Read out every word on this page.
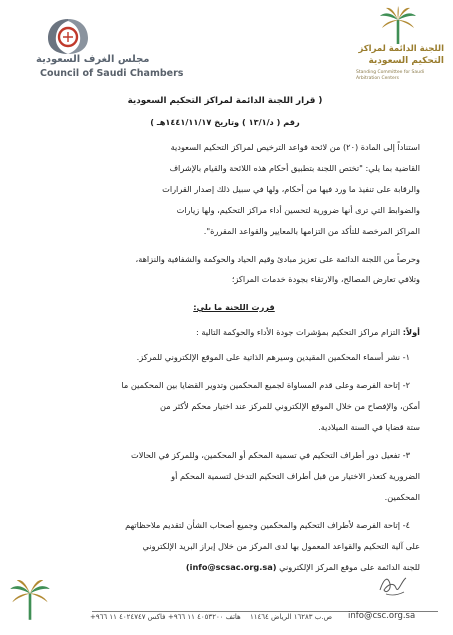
مجلس الغرف السعودية
Council of Saudi Chambers
اللجنة الدائمة لمراكز
التحكيم السعودية
Standing Committee for Saudi Arbitration Centers
( قرار اللجنة الدائمة لمراكز التحكيم السعودية
رقم ( د/١٣/١ ) وتاريخ ١٤٤١/١١/١٧هـ )
استناداً إلى المادة (٢٠) من لائحة قواعد الترخيص لمراكز التحكيم السعودية
القاضية بما يلي: "تختص اللجنة بتطبيق أحكام هذه اللائحة والقيام بالإشراف
والرقابة على تنفيذ ما ورد فيها من أحكام، ولها في سبيل ذلك إصدار القرارات
والضوابط التي ترى أنها ضرورية لتحسين أداء مراكز التحكيم، ولها زيارات
المراكز المرخصة للتأكد من التزامها بالمعايير والقواعد المقررة".
وحرصاً من اللجنة الدائمة على تعزيز مبادئ وقيم الحياد والحوكمة والشفافية والنزاهة،
وتلافي تعارض المصالح، والارتقاء بجودة خدمات المراكز؛
قررت اللجنة ما يلي:
أولاً: التزام مراكز التحكيم بمؤشرات جودة الأداء والحوكمة التالية :
١- نشر أسماء المحكمين المقيدين وسيرهم الذاتية على الموقع الإلكتروني للمركز.
٢- إتاحة الفرصة وعلى قدم المساواة لجميع المحكمين وتدوير القضايا بين المحكمين ما
أمكن، والإفصاح من خلال الموقع الإلكتروني للمركز عند اختيار محكم لأكثر من
ستة قضايا في السنة الميلادية.
٣- تفعيل دور أطراف التحكيم في تسمية المحكم أو المحكمين، وللمركز في الحالات
الضرورية كتعذر الاختيار من قبل أطراف التحكيم التدخل لتسمية المحكم أو
المحكمين.
٤- إتاحة الفرصة لأطراف التحكيم والمحكمين وجميع أصحاب الشأن لتقديم ملاحظاتهم
على آلية التحكيم والقواعد المعمول بها لدى المركز من خلال إبراز البريد الإلكتروني
للجنة الدائمة على موقع المركز الإلكتروني (info@scsac.org.sa)
فاكس ٤٠٢٤٧٤٧ ١١ ٩٦٦+ هاتف ٤٠٥٣٢٠٠ ١١ ٩٦٦+ ص.ب ١٦٢٨٣ الرياض ١١٤٦٤ info@csc.org.sa
